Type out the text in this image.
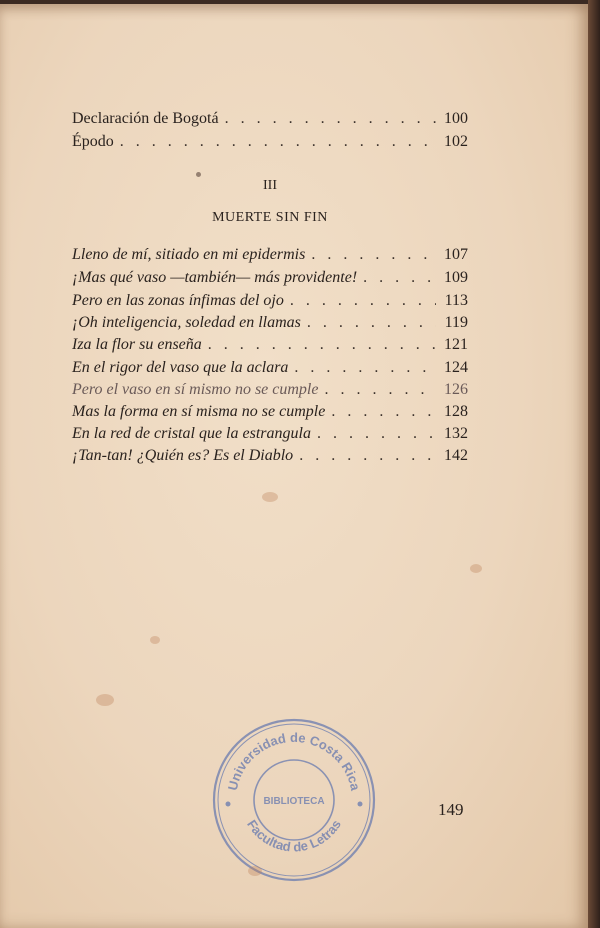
Declaración de Bogotá . . .	100
Épodo . . .	102
III
MUERTE SIN FIN
Lleno de mí, sitiado en mi epidermis . . .	107
¡Mas qué vaso —también— más providente! . . .	109
Pero en las zonas ínfimas del ojo . . .	113
¡Oh inteligencia, soledad en llamas . . .	119
Iza la flor su enseña . . .	121
En el rigor del vaso que la aclara . . .	124
Pero el vaso en sí mismo no se cumple . . .	126
Mas la forma en sí misma no se cumple . . .	128
En la red de cristal que la estrangula . . .	132
¡Tan-tan! ¿Quién es? Es el Diablo . . .	142
149
Universidad de Costa Rica
Facultad de Letras
BIBLIOTECA
